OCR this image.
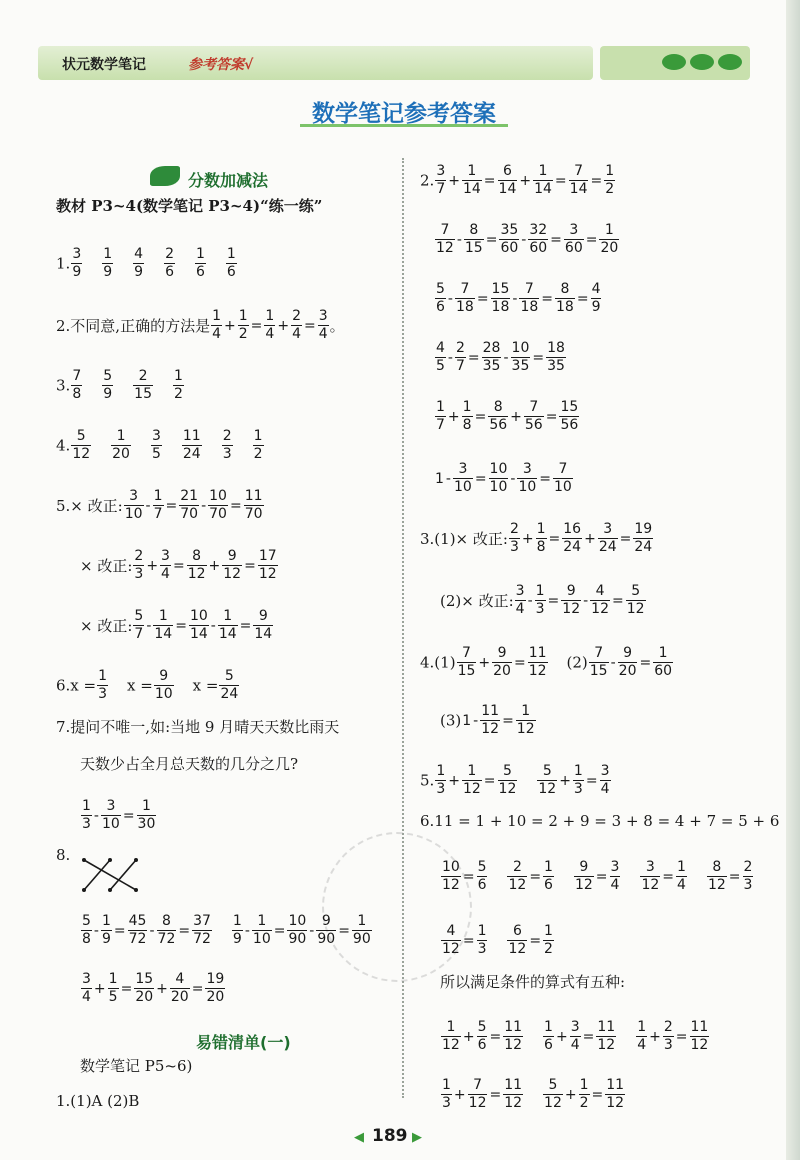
状元数学笔记	参考答案√
数学笔记参考答案
分数加减法
易错清单(一)
教材 P3~4(数学笔记 P3~4)“练一练”
1. $\frac{3}{9} \frac{1}{9} \frac{4}{9} \frac{2}{6} \frac{1}{6} \frac{1}{6}$
2.不同意,正确的方法是 $\frac{1}{4} + \frac{1}{2} = \frac{1}{4} + \frac{2}{4} = \frac{3}{4}$ 。
3. $\frac{7}{8} \frac{5}{9} \frac{2}{15} \frac{1}{2}$
4. $\frac{5}{12} \frac{1}{20} \frac{3}{5} \frac{11}{24} \frac{2}{3} \frac{1}{2}$
5.× 改正: $\frac{3}{10} - \frac{1}{7} = \frac{21}{70} - \frac{10}{70} = \frac{11}{70}$
× 改正: $\frac{2}{3} + \frac{3}{4} = \frac{8}{12} + \frac{9}{12} = \frac{17}{12}$
× 改正: $\frac{5}{7} - \frac{1}{14} = \frac{10}{14} - \frac{1}{14} = \frac{9}{14}$
$6.x = \frac{1}{3}$ $x = \frac{9}{10}$ $x = \frac{5}{24}$
7.提问不唯一,如:当地 9 月晴天天数比雨天
天数少占全月总天数的几分之几?
$\frac{1}{3} - \frac{3}{10} = \frac{1}{30}$
8.
$\frac{5}{8} - \frac{1}{9} = \frac{45}{72} - \frac{8}{72} = \frac{37}{72} \frac{1}{9} - \frac{1}{10} = \frac{10}{90} - \frac{9}{90} = \frac{1}{90}$
$\frac{3}{4} + \frac{1}{5} = \frac{15}{20} + \frac{4}{20} = \frac{19}{20}$
数学笔记 P5~6)
1.(1)A (2)B
2. $\frac{3}{7} + \frac{1}{14} = \frac{6}{14} + \frac{1}{14} = \frac{7}{14} = \frac{1}{2}$
$\frac{7}{12} - \frac{8}{15} = \frac{35}{60} - \frac{32}{60} = \frac{3}{60} = \frac{1}{20}$
$\frac{5}{6} - \frac{7}{18} = \frac{15}{18} - \frac{7}{18} = \frac{8}{18} = \frac{4}{9}$
$\frac{4}{5} - \frac{2}{7} = \frac{28}{35} - \frac{10}{35} = \frac{18}{35}$
$\frac{1}{7} + \frac{1}{8} = \frac{8}{56} + \frac{7}{56} = \frac{15}{56}$
$1 - \frac{3}{10} = \frac{10}{10} - \frac{3}{10} = \frac{7}{10}$
3.(1)× 改正: $\frac{2}{3} + \frac{1}{8} = \frac{16}{24} + \frac{3}{24} = \frac{19}{24}$
(2)× 改正: $\frac{3}{4} - \frac{1}{3} = \frac{9}{12} - \frac{4}{12} = \frac{5}{12}$
$4.(1) \frac{7}{15} + \frac{9}{20} = \frac{11}{12} (2) \frac{7}{15} - \frac{9}{20} = \frac{1}{60}$
$(3)1 - \frac{11}{12} = \frac{1}{12}$
5. $\frac{1}{3} + \frac{1}{12} = \frac{5}{12} \frac{5}{12} + \frac{1}{3} = \frac{3}{4}$
6.11 = 1 + 10 = 2 + 9 = 3 + 8 = 4 + 7 = 5 + 6
$\frac{10}{12} = \frac{5}{6} \frac{2}{12} = \frac{1}{6} \frac{9}{12} = \frac{3}{4} \frac{3}{12} = \frac{1}{4} \frac{8}{12} = \frac{2}{3}$
$\frac{4}{12} = \frac{1}{3} \frac{6}{12} = \frac{1}{2}$
所以满足条件的算式有五种:
$\frac{1}{12} + \frac{5}{6} = \frac{11}{12} \frac{1}{6} + \frac{3}{4} = \frac{11}{12} \frac{1}{4} + \frac{2}{3} = \frac{11}{12}$
$\frac{1}{3} + \frac{7}{12} = \frac{11}{12} \frac{5}{12} + \frac{1}{2} = \frac{11}{12}$
◀ 189 ▶
